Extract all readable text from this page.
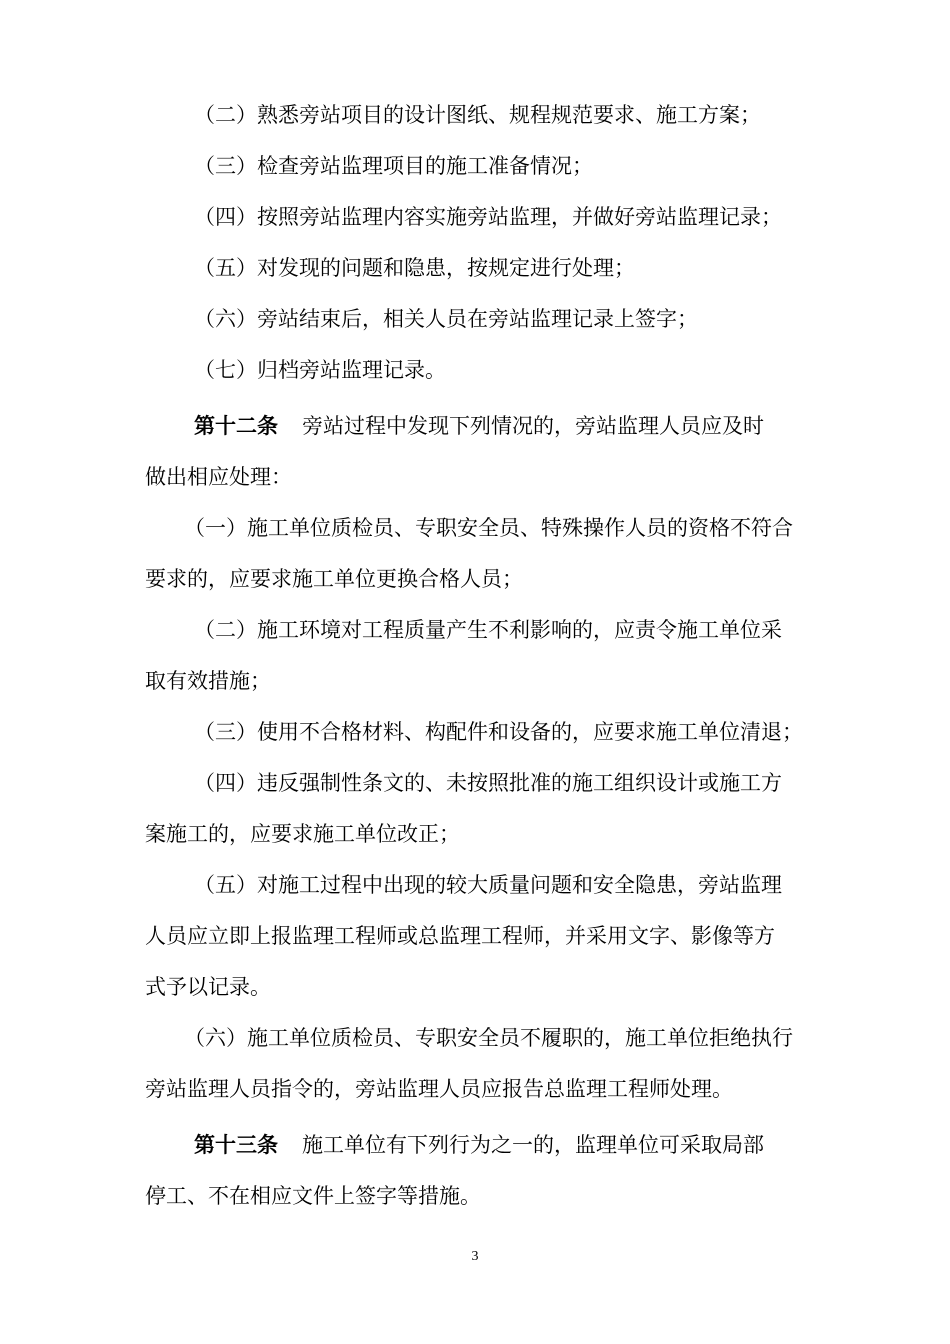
（二）熟悉旁站项目的设计图纸、规程规范要求、施工方案；
（三）检查旁站监理项目的施工准备情况；
（四）按照旁站监理内容实施旁站监理，并做好旁站监理记录；
（五）对发现的问题和隐患，按规定进行处理；
（六）旁站结束后，相关人员在旁站监理记录上签字；
（七）归档旁站监理记录。
第十二条 旁站过程中发现下列情况的，旁站监理人员应及时
做出相应处理：
（一）施工单位质检员、专职安全员、特殊操作人员的资格不符合
要求的，应要求施工单位更换合格人员；
（二）施工环境对工程质量产生不利影响的，应责令施工单位采
取有效措施；
（三）使用不合格材料、构配件和设备的，应要求施工单位清退；
（四）违反强制性条文的、未按照批准的施工组织设计或施工方
案施工的，应要求施工单位改正；
（五）对施工过程中出现的较大质量问题和安全隐患，旁站监理
人员应立即上报监理工程师或总监理工程师，并采用文字、影像等方
式予以记录。
（六）施工单位质检员、专职安全员不履职的，施工单位拒绝执行
旁站监理人员指令的，旁站监理人员应报告总监理工程师处理。
第十三条 施工单位有下列行为之一的，监理单位可采取局部
停工、不在相应文件上签字等措施。
3
